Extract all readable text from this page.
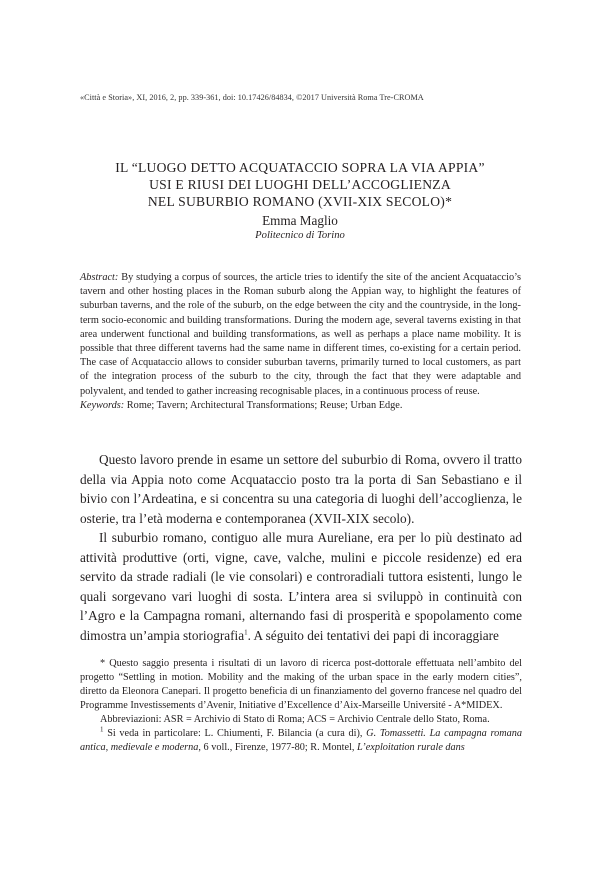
«Città e Storia», XI, 2016, 2, pp. 339-361, doi: 10.17426/84834, ©2017 Università Roma Tre-CROMA
IL “LUOGO DETTO ACQUATACCIO SOPRA LA VIA APPIA”
USI E RIUSI DEI LUOGHI DELL’ACCOGLIENZA
NEL SUBURBIO ROMANO (XVII-XIX SECOLO)*
Emma Maglio
Politecnico di Torino

Abstract: By studying a corpus of sources, the article tries to identify the site of the ancient Acquataccio’s tavern and other hosting places in the Roman suburb along the Appian way, to highlight the features of suburban taverns, and the role of the suburb, on the edge between the city and the countryside, in the long-term socio-economic and building transformations. During the modern age, several taverns existing in that area underwent functional and building transformations, as well as perhaps a place name mobility. It is possible that three different taverns had the same name in different times, co-existing for a certain period. The case of Acquataccio allows to consider suburban taverns, primarily turned to local customers, as part of the integration process of the suburb to the city, through the fact that they were adaptable and polyvalent, and tended to gather increasing recognisable places, in a continuous process of reuse.

Keywords: Rome; Tavern; Architectural Transformations; Reuse; Urban Edge.

Questo lavoro prende in esame un settore del suburbio di Roma, ovvero il tratto della via Appia noto come Acquataccio posto tra la porta di San Sebastiano e il bivio con l’Ardeatina, e si concentra su una categoria di luoghi dell’accoglienza, le osterie, tra l’età moderna e contemporanea (XVII-XIX secolo).

Il suburbio romano, contiguo alle mura Aureliane, era per lo più destinato ad attività produttive (orti, vigne, cave, valche, mulini e piccole residenze) ed era servito da strade radiali (le vie consolari) e controradiali tuttora esistenti, lungo le quali sorgevano vari luoghi di sosta. L’intera area si sviluppò in continuità con l’Agro e la Campagna romani, alternando fasi di prosperità e spopolamento come dimostra un’ampia storiografia$^1$. A séguito dei tentativi dei papi di incoraggiare

* Questo saggio presenta i risultati di un lavoro di ricerca post-dottorale effettuata nell’ambito del progetto “Settling in motion. Mobility and the making of the urban space in the early modern cities”, diretto da Eleonora Canepari. Il progetto beneficia di un finanziamento del governo francese nel quadro del Programme Investissements d’Avenir, Initiative d’Excellence d’Aix-Marseille Université - A*MIDEX.

Abbreviazioni: ASR = Archivio di Stato di Roma; ACS = Archivio Centrale dello Stato, Roma.

$^1$ Si veda in particolare: L. Chiumenti, F. Bilancia (a cura di), G. Tomassetti. La campagna romana antica, medievale e moderna, 6 voll., Firenze, 1977-80; R. Montel, L’exploitation rurale dans
